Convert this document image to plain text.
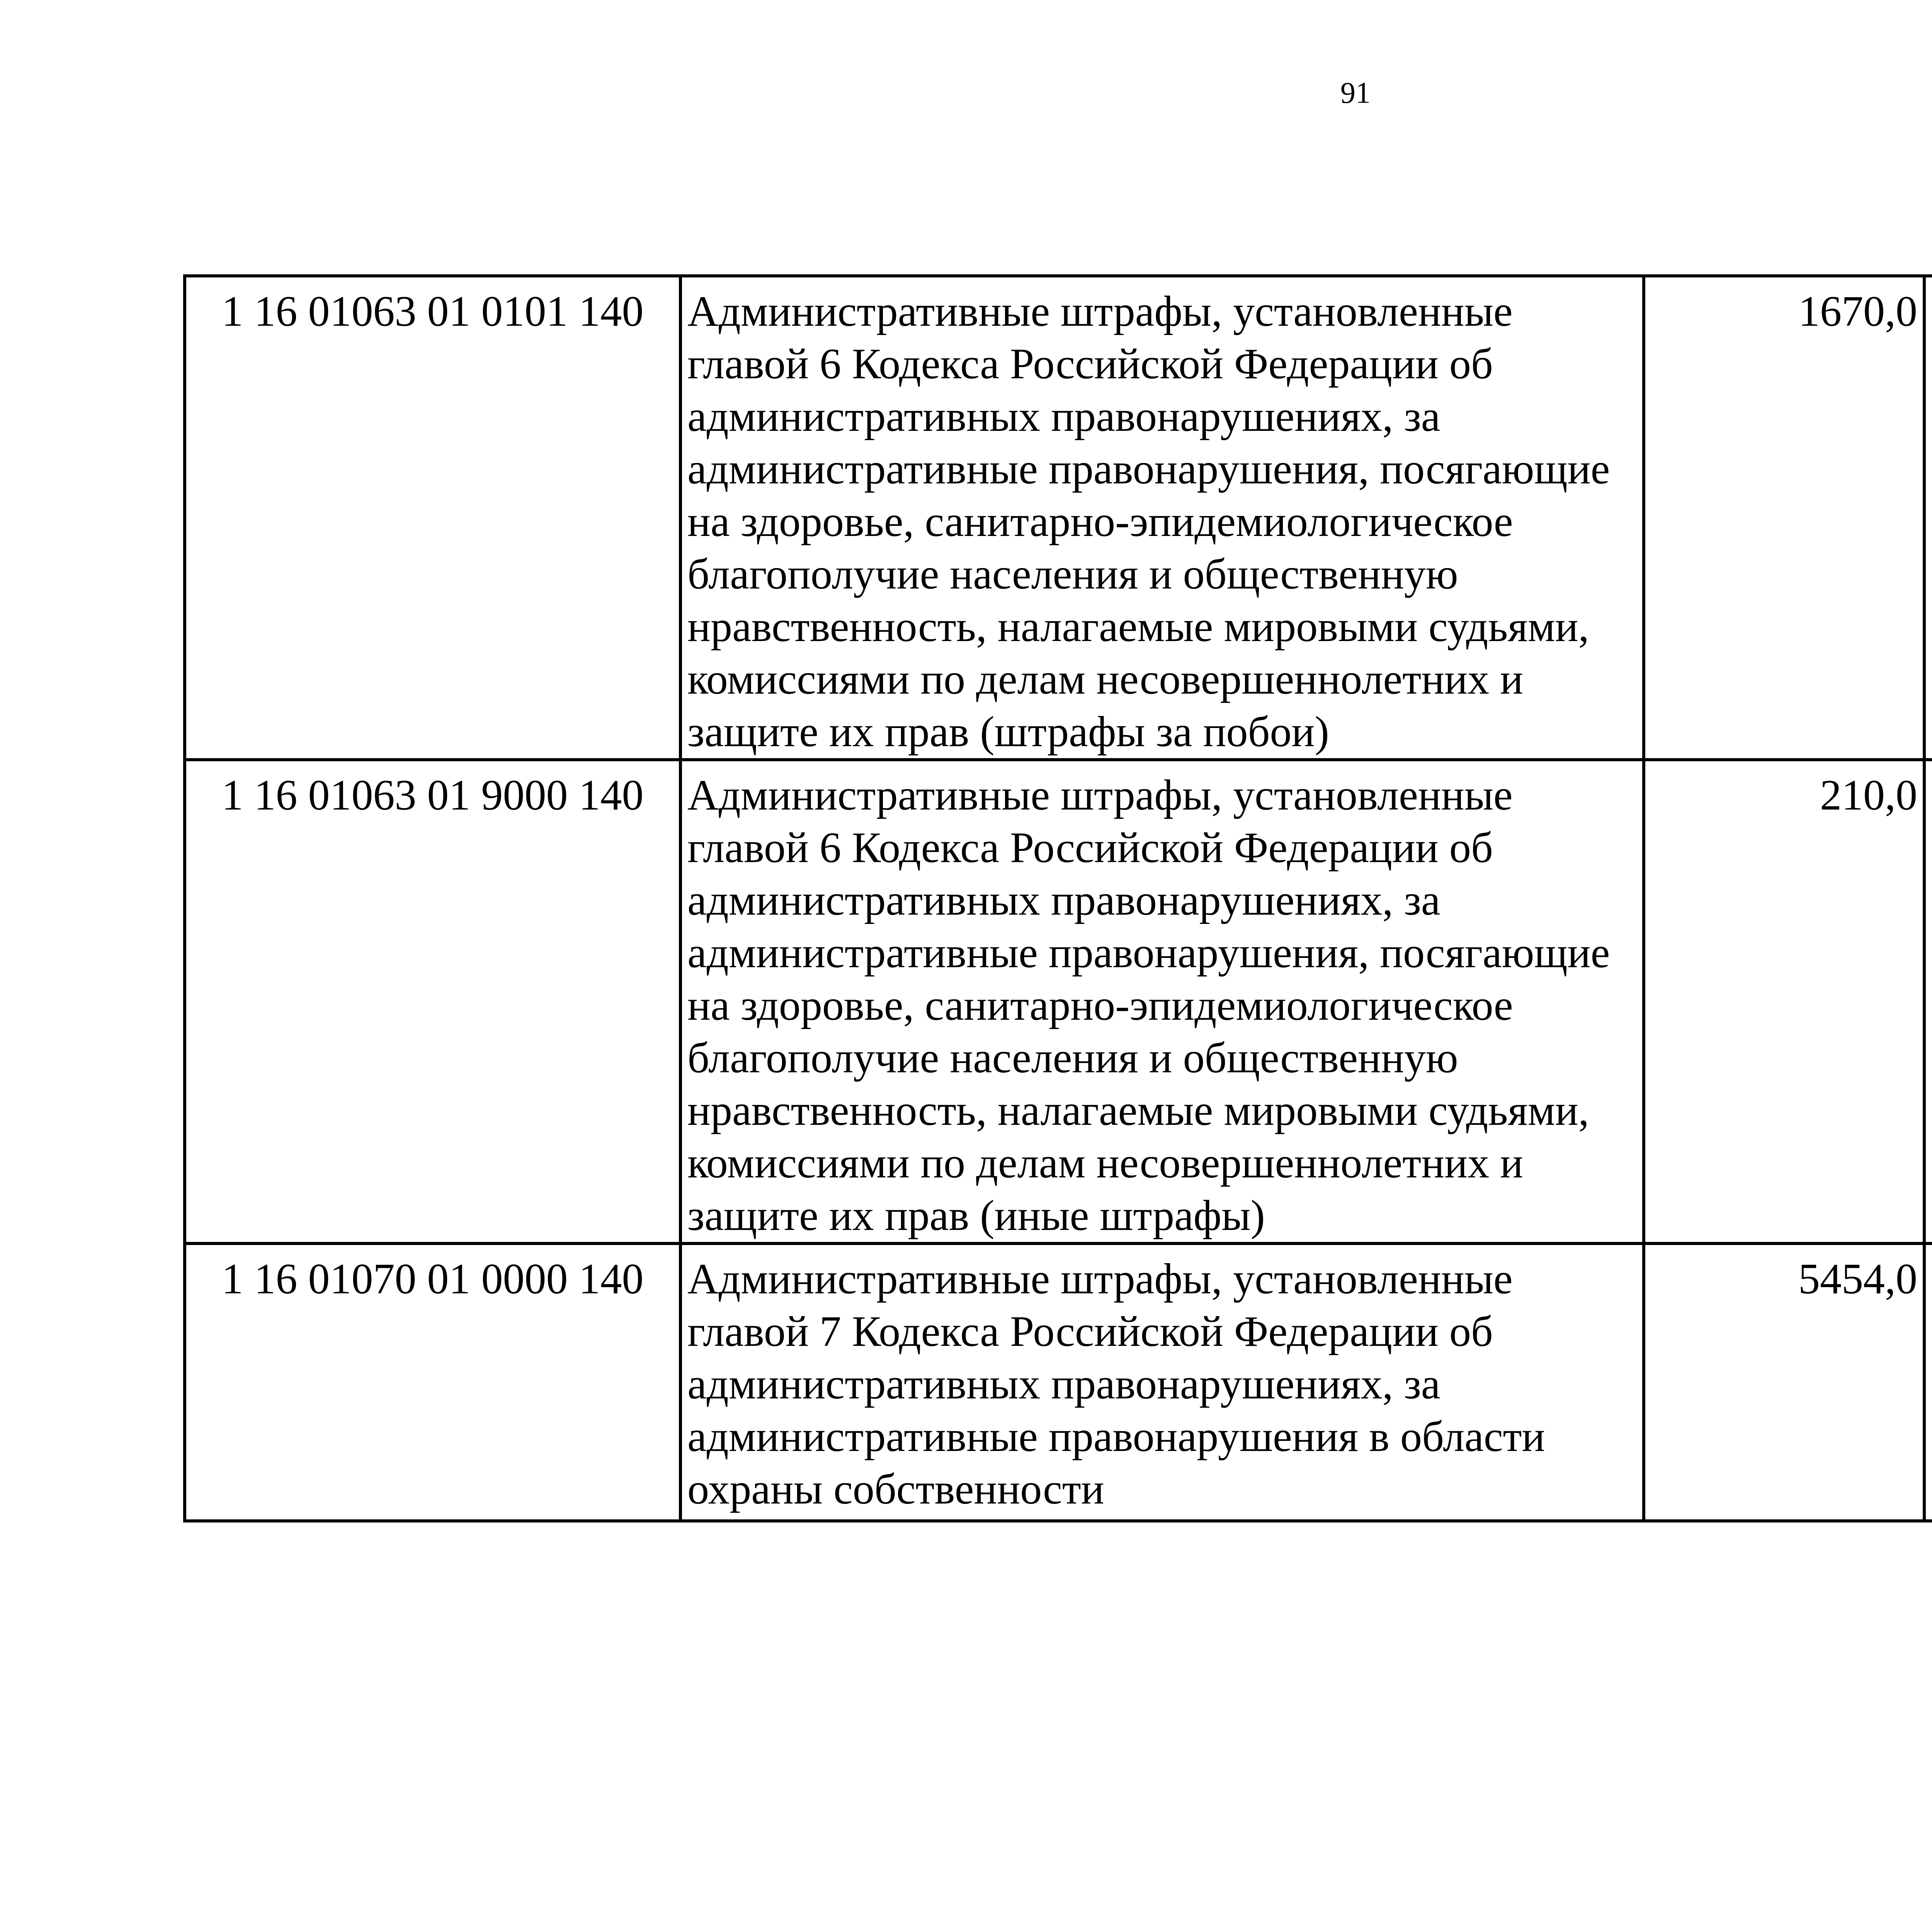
91
1 16 01063 01 0101 140	Административные штрафы, установленные главой 6 Кодекса Российской Федерации об административных правонарушениях, за административные правонарушения, посягающие на здоровье, санитарно-эпидемиологическое благополучие населения и общественную нравственность, налагаемые мировыми судьями, комиссиями по делам несовершеннолетних и защите их прав (штрафы за побои)	1670,0		
1 16 01063 01 9000 140	Административные штрафы, установленные главой 6 Кодекса Российской Федерации об административных правонарушениях, за административные правонарушения, посягающие на здоровье, санитарно-эпидемиологическое благополучие населения и общественную нравственность, налагаемые мировыми судьями, комиссиями по делам несовершеннолетних и защите их прав (иные штрафы)	210,0		
1 16 01070 01 0000 140	Административные штрафы, установленные главой 7 Кодекса Российской Федерации об административных правонарушениях, за административные правонарушения в области охраны собственности	5454,0		
